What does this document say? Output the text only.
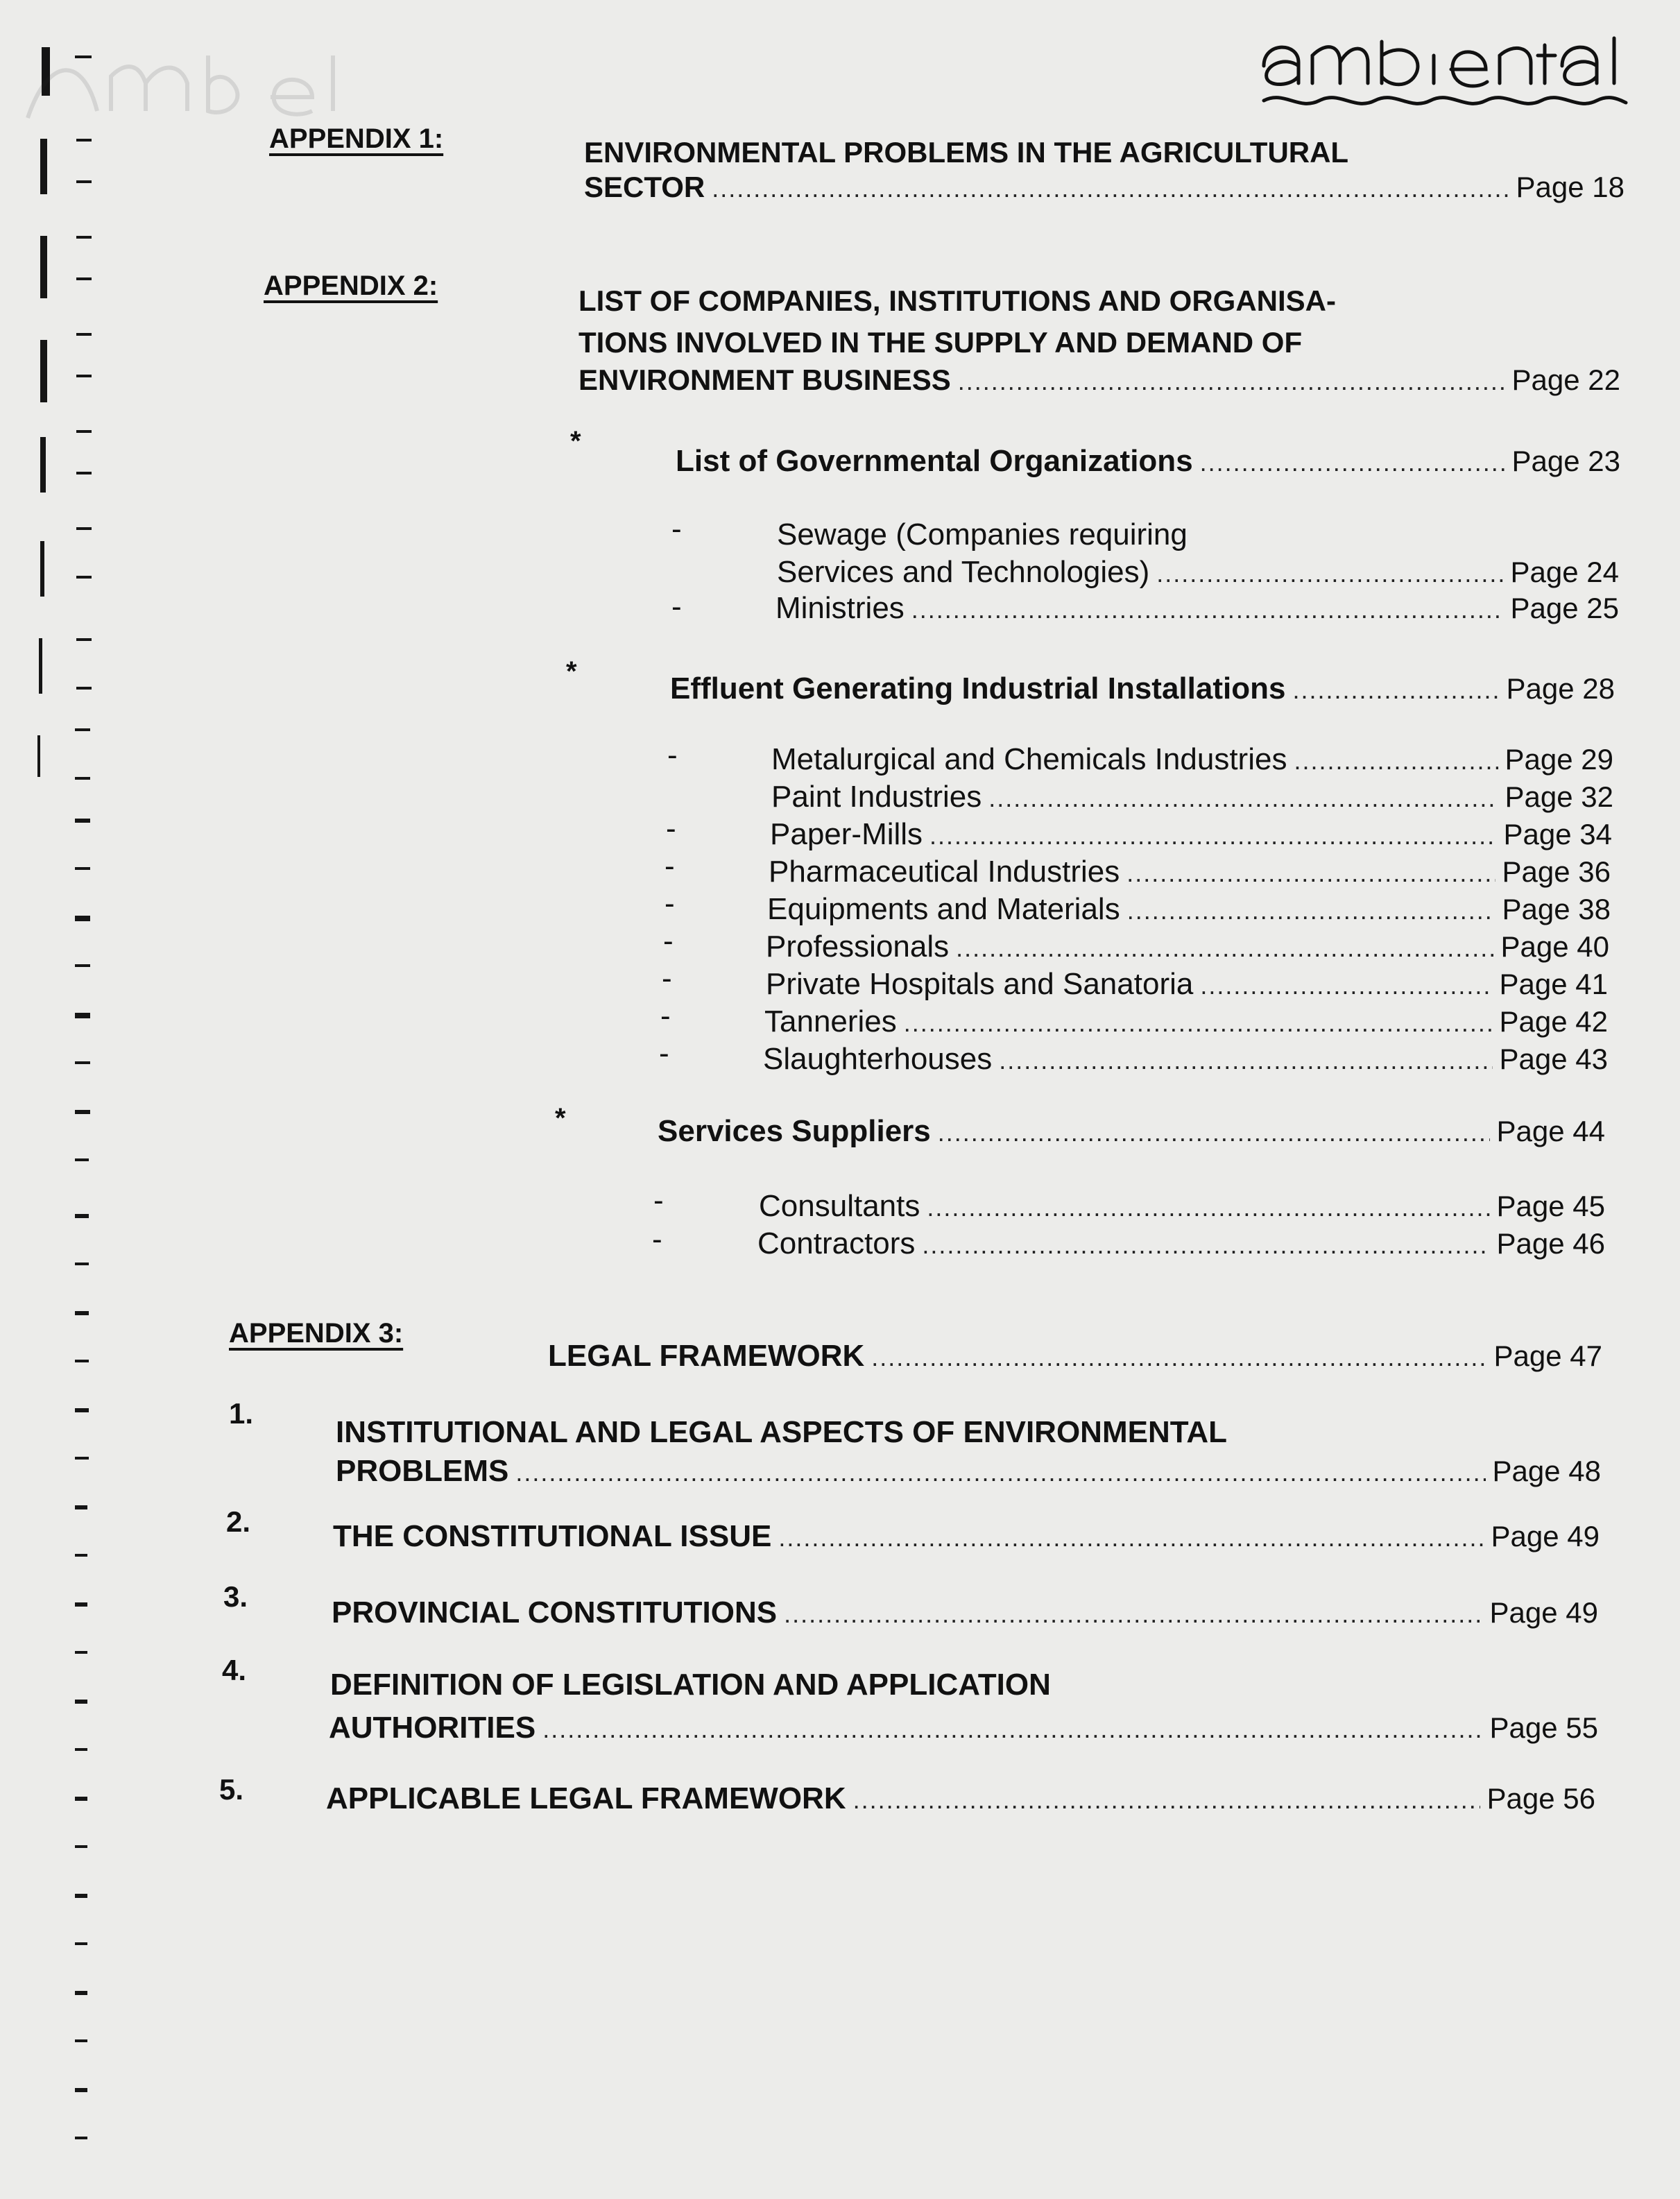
APPENDIX 1:	ENVIRONMENTAL PROBLEMS IN THE AGRICULTURAL
SECTOR .....	Page 18
APPENDIX 2:	LIST OF COMPANIES, INSTITUTIONS AND ORGANISA-
TIONS INVOLVED IN THE SUPPLY AND DEMAND OF
ENVIRONMENT BUSINESS .....	Page 22
*
List of Governmental Organizations .....	Page 23
-	Sewage (Companies requiring
Services and Technologies) .....	Page 24
-	Ministries .....	Page 25
*	Effluent Generating Industrial Installations .....	Page 28
-	Metalurgical and Chemicals Industries .....	Page 29
Paint Industries .....	Page 32
-	Paper-Mills .....	Page 34
-	Pharmaceutical Industries .....	Page 36
-	Equipments and Materials .....	Page 38
-	Professionals .....	Page 40
-	Private Hospitals and Sanatoria .....	Page 41
-	Tanneries .....	Page 42
-	Slaughterhouses .....	Page 43
*	Services Suppliers .....	Page 44
-	Consultants .....	Page 45
-	Contractors .....	Page 46
APPENDIX 3:
LEGAL FRAMEWORK .....	Page 47
1.
INSTITUTIONAL AND LEGAL ASPECTS OF ENVIRONMENTAL
PROBLEMS .....	Page 48
2.	THE CONSTITUTIONAL ISSUE .....	Page 49
3.	PROVINCIAL CONSTITUTIONS .....	Page 49
4.	DEFINITION OF LEGISLATION AND APPLICATION
AUTHORITIES .....	Page 55
5.	APPLICABLE LEGAL FRAMEWORK .....	Page 56
